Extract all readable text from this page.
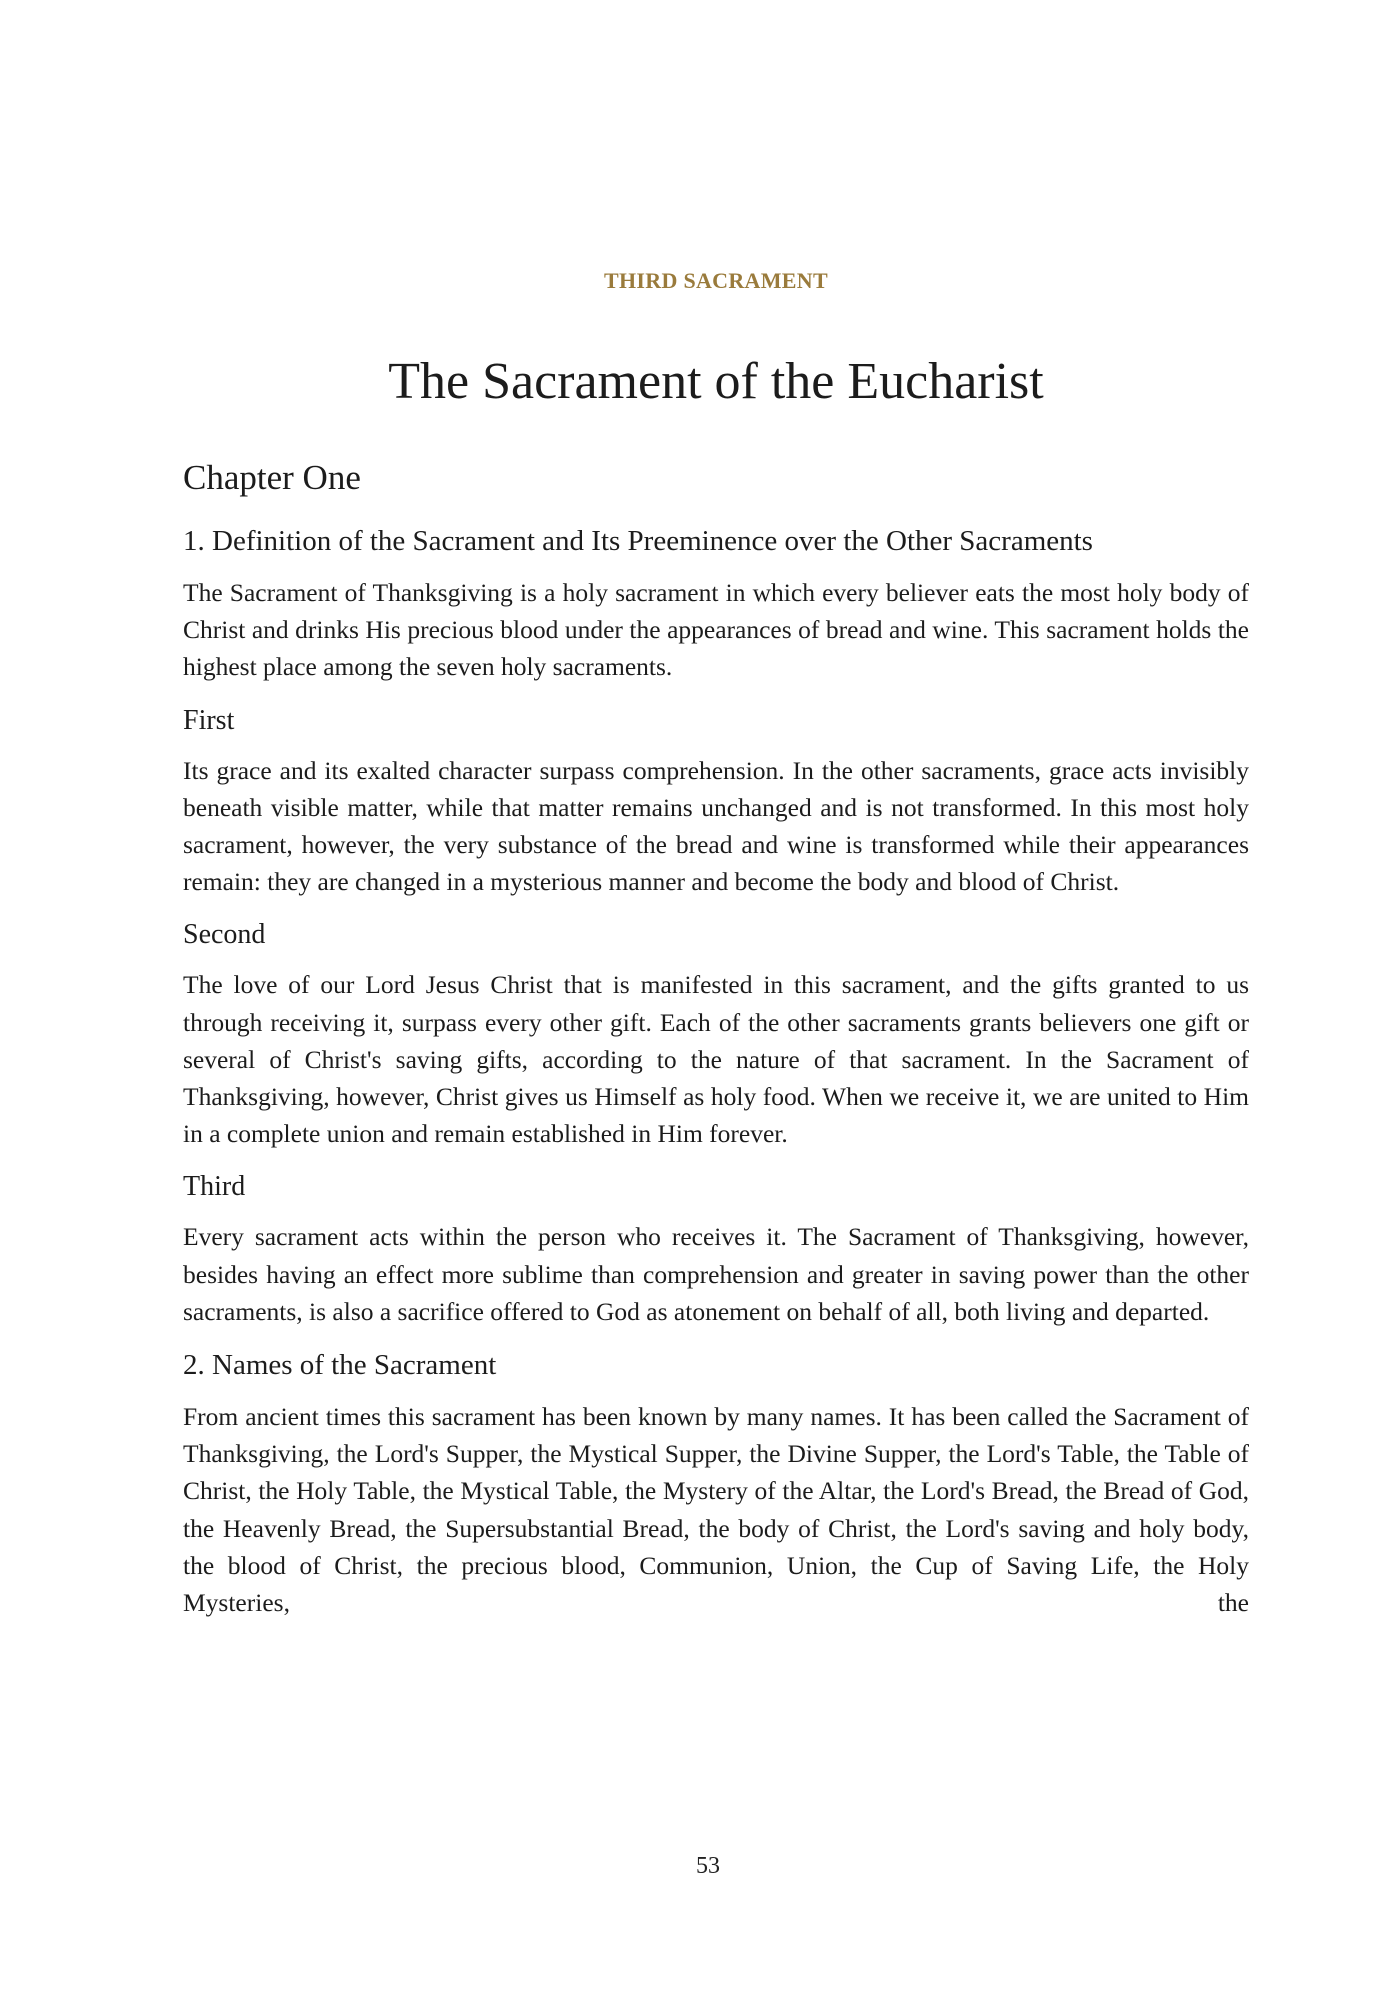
THIRD SACRAMENT
The Sacrament of the Eucharist
Chapter One
1. Definition of the Sacrament and Its Preeminence over the Other Sacraments

The Sacrament of Thanksgiving is a holy sacrament in which every believer eats the most holy body of Christ and drinks His precious blood under the appearances of bread and wine. This sacrament holds the highest place among the seven holy sacraments.

First

Its grace and its exalted character surpass comprehension. In the other sacraments, grace acts invisibly beneath visible matter, while that matter remains unchanged and is not transformed. In this most holy sacrament, however, the very substance of the bread and wine is transformed while their appearances remain: they are changed in a mysterious manner and become the body and blood of Christ.

Second

The love of our Lord Jesus Christ that is manifested in this sacrament, and the gifts granted to us through receiving it, surpass every other gift. Each of the other sacraments grants believers one gift or several of Christ's saving gifts, according to the nature of that sacrament. In the Sacrament of Thanksgiving, however, Christ gives us Himself as holy food. When we receive it, we are united to Him in a complete union and remain established in Him forever.

Third

Every sacrament acts within the person who receives it. The Sacrament of Thanksgiving, however, besides having an effect more sublime than comprehension and greater in saving power than the other sacraments, is also a sacrifice offered to God as atonement on behalf of all, both living and departed.

2. Names of the Sacrament

From ancient times this sacrament has been known by many names. It has been called the Sacrament of Thanksgiving, the Lord's Supper, the Mystical Supper, the Divine Supper, the Lord's Table, the Table of Christ, the Holy Table, the Mystical Table, the Mystery of the Altar, the Lord's Bread, the Bread of God, the Heavenly Bread, the Supersubstantial Bread, the body of Christ, the Lord's saving and holy body, the blood of Christ, the precious blood, Communion, Union, the Cup of Saving Life, the Holy Mysteries, the

53
